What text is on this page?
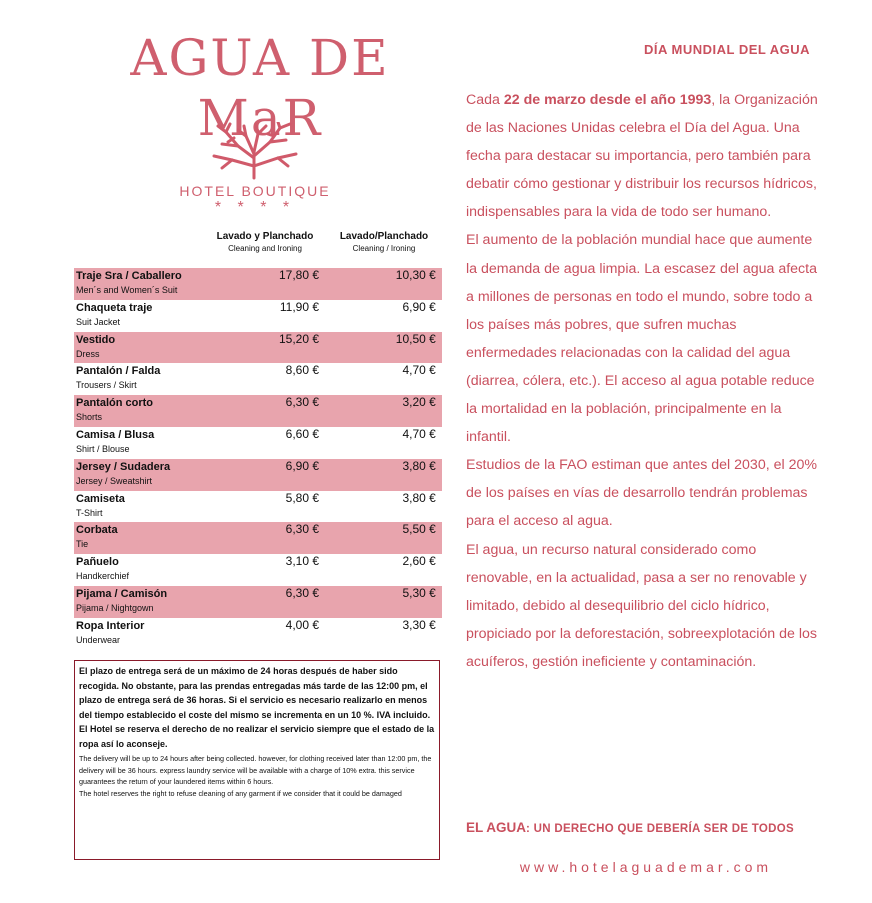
AGUA DE MaR
HOTEL BOUTIQUE
* * * *
Lavado y Planchado
Cleaning and Ironing
Lavado/Planchado
Cleaning / Ironing
Traje Sra / Caballero
Men´s and Women´s Suit	17,80 €	10,30 €

Chaqueta traje
Suit Jacket	11,90 €	6,90 €

Vestido
Dress	15,20 €	10,50 €

Pantalón / Falda
Trousers / Skirt	8,60 €	4,70 €

Pantalón corto
Shorts	6,30 €	3,20 €

Camisa / Blusa
Shirt / Blouse	6,60 €	4,70 €

Jersey / Sudadera
Jersey / Sweatshirt	6,90 €	3,80 €

Camiseta
T-Shirt	5,80 €	3,80 €

Corbata
Tie	6,30 €	5,50 €

Pañuelo
Handkerchief	3,10 €	2,60 €

Pijama / Camisón
Pijama / Nightgown	6,30 €	5,30 €

Ropa Interior
Underwear	4,00 €	3,30 €
El plazo de entrega será de un máximo de 24 horas después de haber sido recogida. No obstante, para las prendas entregadas más tarde de las 12:00 pm, el plazo de entrega será de 36 horas. Si el servicio es necesario realizarlo en menos del tiempo establecido el coste del mismo se incrementa en un 10 %. IVA incluido.
El Hotel se reserva el derecho de no realizar el servicio siempre que el estado de la ropa así lo aconseje.
The delivery will be up to 24 hours after being collected. however, for clothing received later than 12:00 pm, the delivery will be 36 hours. express laundry service will be available with a charge of 10% extra. this service guarantees the return of your laundered items within 6 hours.
The hotel reserves the right to refuse cleaning of any garment if we consider that it could be damaged
DÍA MUNDIAL DEL AGUA
Cada 22 de marzo desde el año 1993, la Organización de las Naciones Unidas celebra el Día del Agua. Una fecha para destacar su importancia, pero también para debatir cómo gestionar y distribuir los recursos hídricos, indispensables para la vida de todo ser humano.
El aumento de la población mundial hace que aumente la demanda de agua limpia. La escasez del agua afecta a millones de personas en todo el mundo, sobre todo a los países más pobres, que sufren muchas enfermedades relacionadas con la calidad del agua (diarrea, cólera, etc.). El acceso al agua potable reduce la mortalidad en la población, principalmente en la infantil.
Estudios de la FAO estiman que antes del 2030, el 20% de los países en vías de desarrollo tendrán problemas para el acceso al agua.
El agua, un recurso natural considerado como renovable, en la actualidad, pasa a ser no renovable y limitado, debido al desequilibrio del ciclo hídrico, propiciado por la deforestación, sobreexplotación de los acuíferos, gestión ineficiente y contaminación.
EL AGUA: UN DERECHO QUE DEBERÍA SER DE TODOS
www.hotelaguademar.com
